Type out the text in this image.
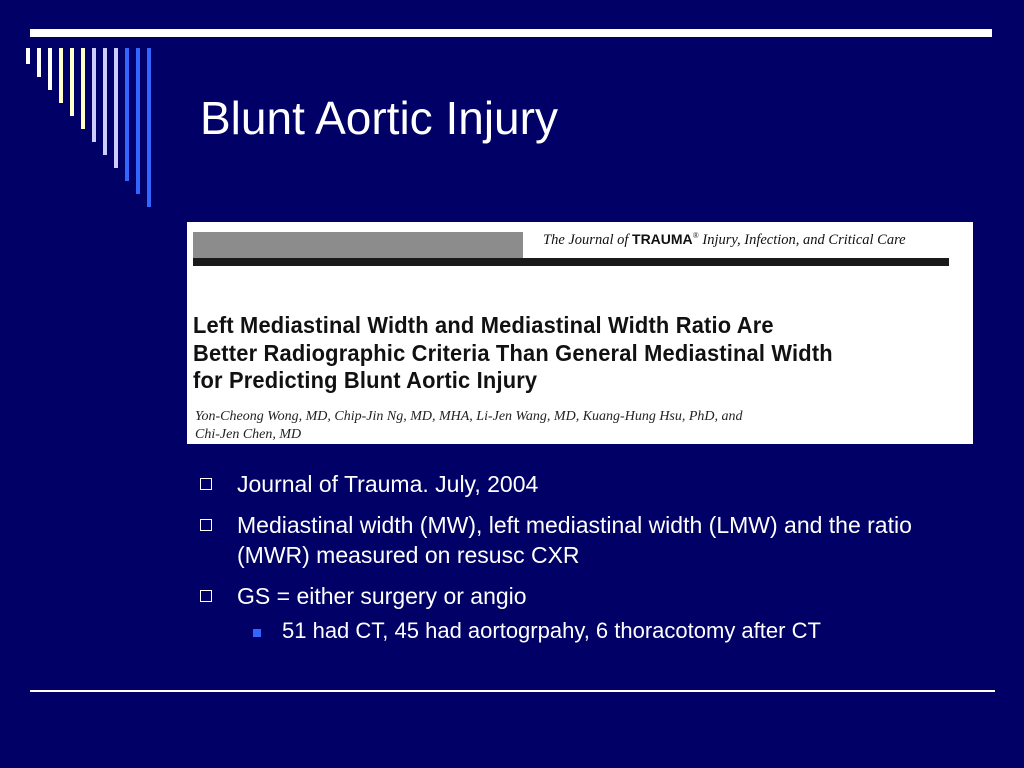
Blunt Aortic Injury
The Journal of TRAUMA® Injury, Infection, and Critical Care
Left Mediastinal Width and Mediastinal Width Ratio Are
Better Radiographic Criteria Than General Mediastinal Width
for Predicting Blunt Aortic Injury
Yon-Cheong Wong, MD, Chip-Jin Ng, MD, MHA, Li-Jen Wang, MD, Kuang-Hung Hsu, PhD, and
Chi-Jen Chen, MD
Journal of Trauma. July, 2004
Mediastinal width (MW), left mediastinal width (LMW) and the ratio (MWR) measured on resusc CXR
GS = either surgery or angio
51 had CT, 45 had aortogrpahy, 6 thoracotomy after CT
